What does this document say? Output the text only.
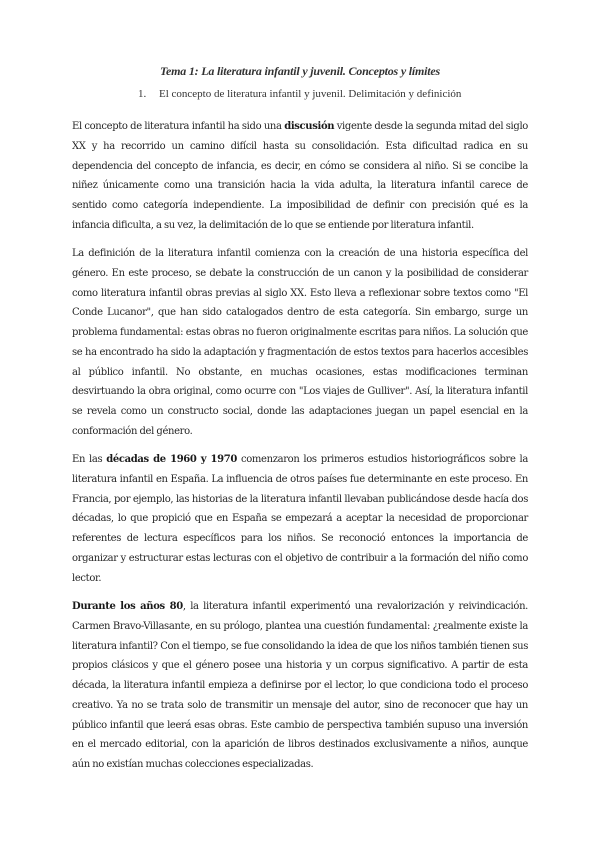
Tema 1: La literatura infantil y juvenil. Conceptos y límites
1. El concepto de literatura infantil y juvenil. Delimitación y definición

El concepto de literatura infantil ha sido una discusión vigente desde la segunda mitad del siglo XX y ha recorrido un camino difícil hasta su consolidación. Esta dificultad radica en su dependencia del concepto de infancia, es decir, en cómo se considera al niño. Si se concibe la niñez únicamente como una transición hacia la vida adulta, la literatura infantil carece de sentido como categoría independiente. La imposibilidad de definir con precisión qué es la infancia dificulta, a su vez, la delimitación de lo que se entiende por literatura infantil.

La definición de la literatura infantil comienza con la creación de una historia específica del género. En este proceso, se debate la construcción de un canon y la posibilidad de considerar como literatura infantil obras previas al siglo XX. Esto lleva a reflexionar sobre textos como "El Conde Lucanor", que han sido catalogados dentro de esta categoría. Sin embargo, surge un problema fundamental: estas obras no fueron originalmente escritas para niños. La solución que se ha encontrado ha sido la adaptación y fragmentación de estos textos para hacerlos accesibles al público infantil. No obstante, en muchas ocasiones, estas modificaciones terminan desvirtuando la obra original, como ocurre con "Los viajes de Gulliver". Así, la literatura infantil se revela como un constructo social, donde las adaptaciones juegan un papel esencial en la conformación del género.

En las décadas de 1960 y 1970 comenzaron los primeros estudios historiográficos sobre la literatura infantil en España. La influencia de otros países fue determinante en este proceso. En Francia, por ejemplo, las historias de la literatura infantil llevaban publicándose desde hacía dos décadas, lo que propició que en España se empezará a aceptar la necesidad de proporcionar referentes de lectura específicos para los niños. Se reconoció entonces la importancia de organizar y estructurar estas lecturas con el objetivo de contribuir a la formación del niño como lector.

Durante los años 80, la literatura infantil experimentó una revalorización y reivindicación. Carmen Bravo-Villasante, en su prólogo, plantea una cuestión fundamental: ¿realmente existe la literatura infantil? Con el tiempo, se fue consolidando la idea de que los niños también tienen sus propios clásicos y que el género posee una historia y un corpus significativo. A partir de esta década, la literatura infantil empieza a definirse por el lector, lo que condiciona todo el proceso creativo. Ya no se trata solo de transmitir un mensaje del autor, sino de reconocer que hay un público infantil que leerá esas obras. Este cambio de perspectiva también supuso una inversión en el mercado editorial, con la aparición de libros destinados exclusivamente a niños, aunque aún no existían muchas colecciones especializadas.
